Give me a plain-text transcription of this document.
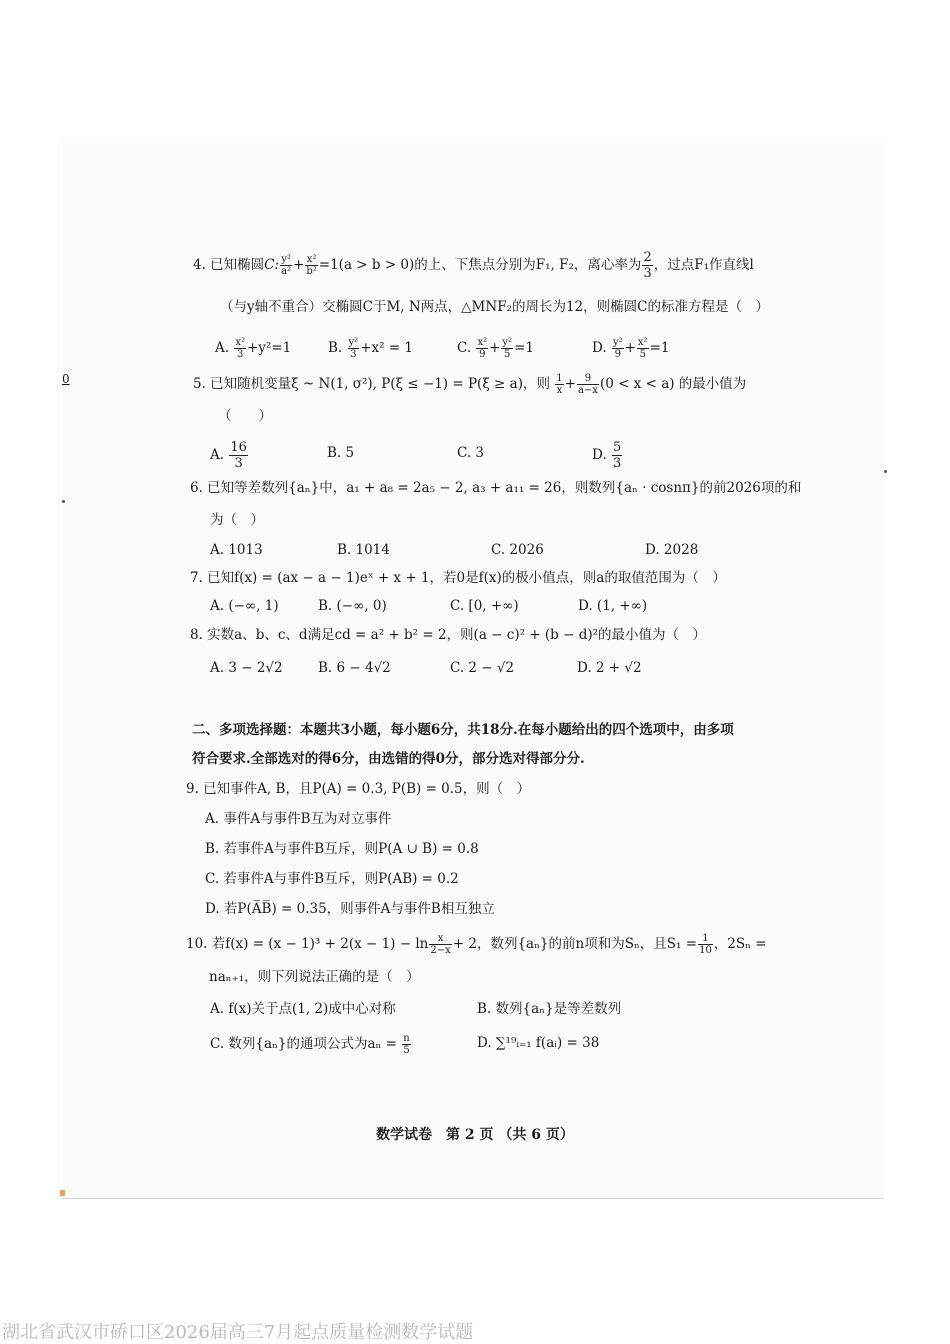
0
4. 已知椭圆C: $\frac{\text{y²}}{\text{a²}} + \frac{\text{x²}}{\text{b²}} =1(a > b > 0)$的上、下焦点分别为F₁, F₂，离心率为 $\frac{2}{3}$ ，过点F₁作直线l
（与y轴不重合）交椭圆C于M, N两点，△MNF₂的周长为12，则椭圆C的标准方程是（　）
A. $\frac{\text{x²}}{3} +y^2=1$	B. $\frac{\text{y²}}{3} +x^2 = 1$	C. $\frac{\text{x²}}{9} + \frac{\text{y²}}{5} =1$	D. $\frac{\text{y²}}{9} + \frac{\text{x²}}{5} =1$
5. 已知随机变量ξ ~ N(1, σ²), P(ξ ≤ −1) = P(ξ ≥ a)，则 $\frac{1}{x} + \frac{9}{a-x} (0 < x < a)$ 的最小值为
（　　）
A. $\frac{16}{3}$	B. 5	C. 3	D. $\frac{5}{3}$
6. 已知等差数列{aₙ}中，a₁ + a₈ = 2a₅ − 2, a₃ + a₁₁ = 26，则数列{aₙ · cosnπ}的前2026项的和
为（　）
A. 1013	B. 1014	C. 2026	D. 2028
7. 已知f(x) = (ax − a − 1)eˣ + x + 1，若0是f(x)的极小值点，则a的取值范围为（　）
A. (−∞, 1)	B. (−∞, 0)	C. [0, +∞)	D. (1, +∞)
8. 实数a、b、c、d满足cd = a² + b² = 2，则(a − c)² + (b − d)²的最小值为（　）
A. 3 − 2√2	B. 6 − 4√2	C. 2 − √2	D. 2 + √2
二、多项选择题：本题共3小题，每小题6分，共18分.在每小题给出的四个选项中，由多项
符合要求.全部选对的得6分，由选错的得0分，部分选对得部分分.
9. 已知事件A, B，且P(A) = 0.3, P(B) = 0.5，则（　）
A. 事件A与事件B互为对立事件
B. 若事件A与事件B互斥，则P(A ∪ B) = 0.8
C. 若事件A与事件B互斥，则P(AB) = 0.2
D. 若P(A̅B̅) = 0.35，则事件A与事件B相互独立
10. 若$f(x) = (x - 1)^3 + 2(x - 1) - \ln \frac{x}{2-x} + 2$，数列{aₙ}的前n项和为Sₙ，且$S_1 = \frac{1}{10}$ ，2Sₙ =
naₙ₊₁，则下列说法正确的是（　）
A. f(x)关于点(1, 2)成中心对称	B. 数列{aₙ}是等差数列
C. 数列{aₙ}的通项公式为$a_n = \frac{n}{5}$	D. ∑¹⁹ᵢ₌₁ f(aᵢ) = 38
数学试卷　第 2 页 （共 6 页）
湖北省武汉市硚口区2026届高三7月起点质量检测数学试题
